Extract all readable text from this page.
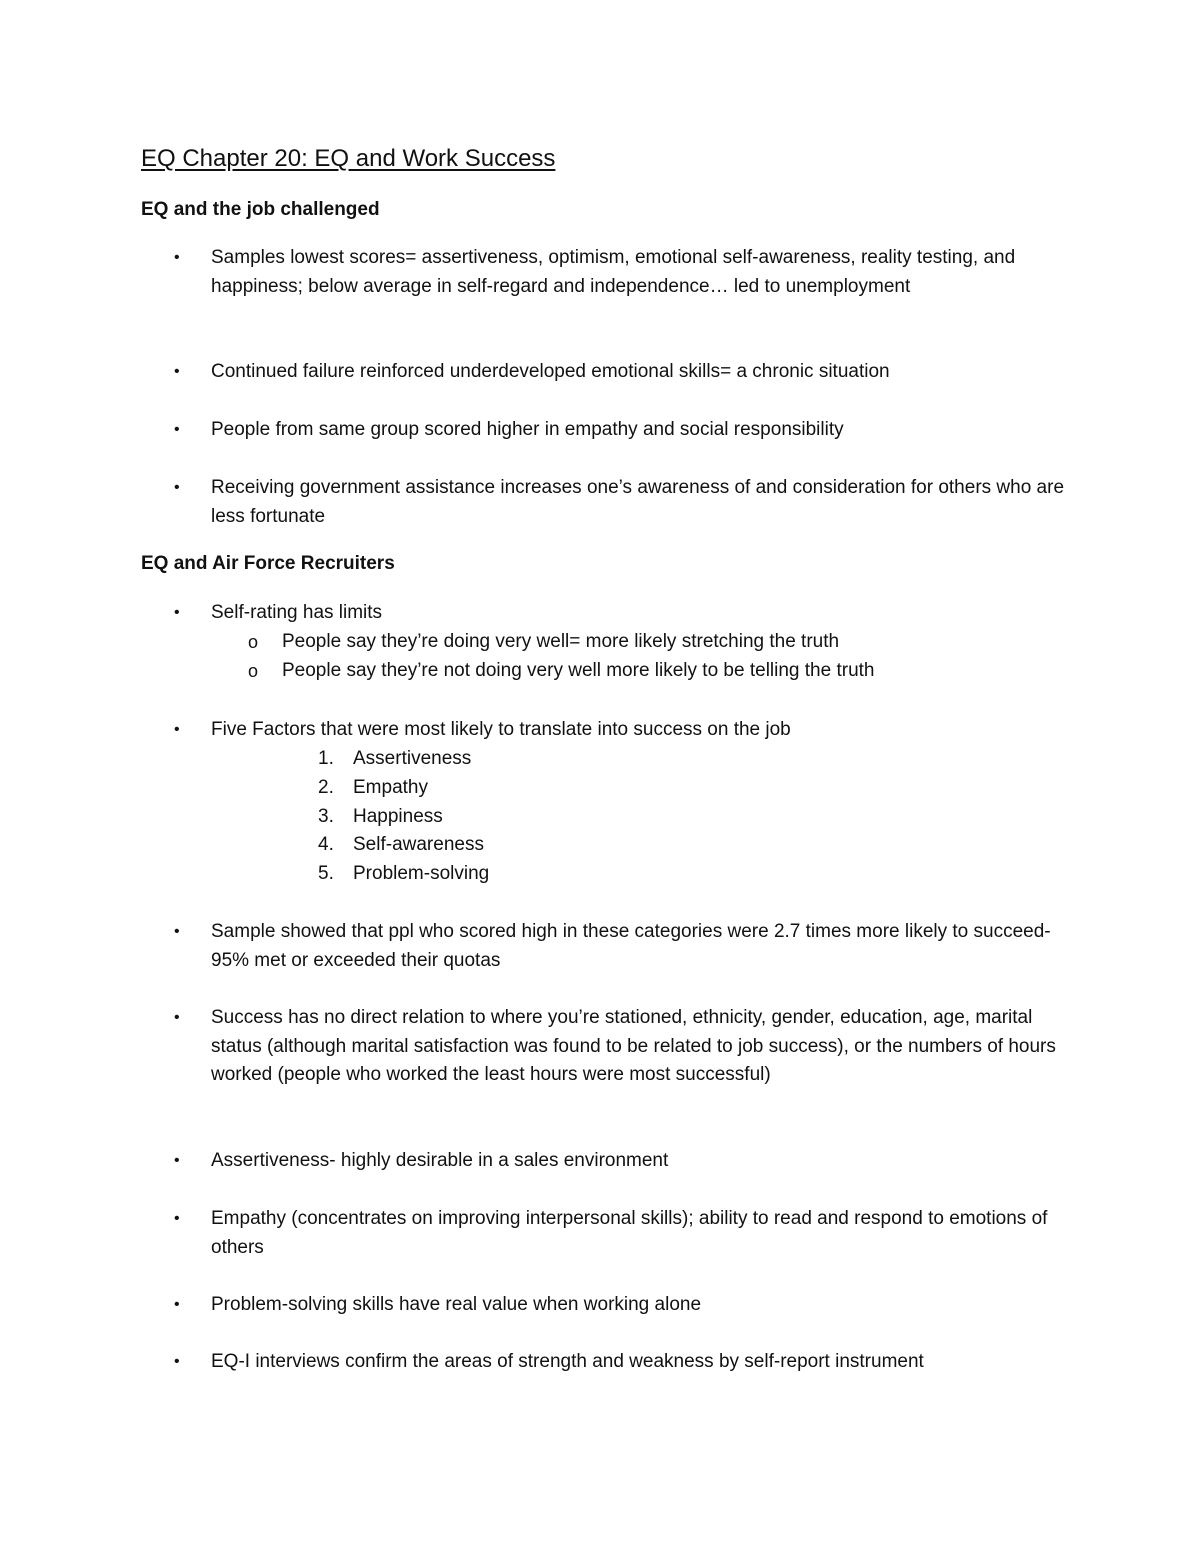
EQ Chapter 20: EQ and Work Success
EQ and the job challenged
•	Samples lowest scores= assertiveness, optimism, emotional self-awareness, reality testing, and happiness; below average in self-regard and independence… led to unemployment
•	Continued failure reinforced underdeveloped emotional skills= a chronic situation
•	People from same group scored higher in empathy and social responsibility
•	Receiving government assistance increases one’s awareness of and consideration for others who are less fortunate
EQ and Air Force Recruiters
•	Self-rating has limits
o People say they’re doing very well= more likely stretching the truth
o People say they’re not doing very well more likely to be telling the truth
•	Five Factors that were most likely to translate into success on the job
1. Assertiveness
2. Empathy
3. Happiness
4. Self-awareness
5. Problem-solving
•	Sample showed that ppl who scored high in these categories were 2.7 times more likely to succeed- 95% met or exceeded their quotas
•	Success has no direct relation to where you’re stationed, ethnicity, gender, education, age, marital status (although marital satisfaction was found to be related to job success), or the numbers of hours worked (people who worked the least hours were most successful)
•	Assertiveness- highly desirable in a sales environment
•	Empathy (concentrates on improving interpersonal skills); ability to read and respond to emotions of others
•	Problem-solving skills have real value when working alone
•	EQ-I interviews confirm the areas of strength and weakness by self-report instrument
